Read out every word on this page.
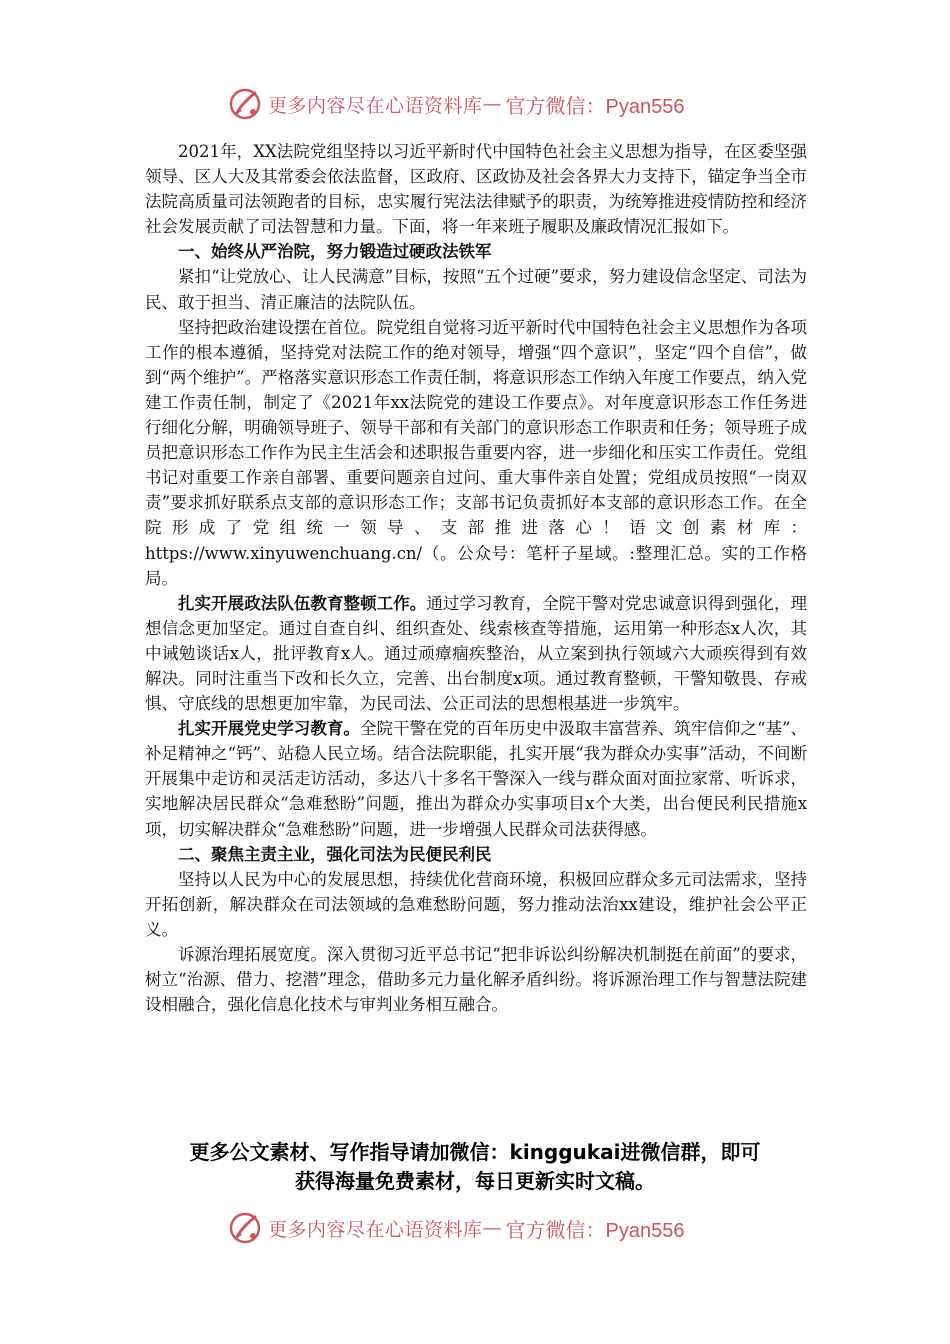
更多内容尽在心语资料库 — 官方微信：Pyan556

2021年，XX法院党组坚持以习近平新时代中国特色社会主义思想为指导，在区委坚强领导、区人大及其常委会依法监督，区政府、区政协及社会各界大力支持下，锚定争当全市法院高质量司法领跑者的目标，忠实履行宪法法律赋予的职责，为统筹推进疫情防控和经济社会发展贡献了司法智慧和力量。下面，将一年来班子履职及廉政情况汇报如下。

一、始终从严治院，努力锻造过硬政法铁军

紧扣“让党放心、让人民满意”目标，按照“五个过硬”要求，努力建设信念坚定、司法为民、敢于担当、清正廉洁的法院队伍。

坚持把政治建设摆在首位。院党组自觉将习近平新时代中国特色社会主义思想作为各项工作的根本遵循，坚持党对法院工作的绝对领导，增强“四个意识”，坚定“四个自信”，做到“两个维护”。严格落实意识形态工作责任制，将意识形态工作纳入年度工作要点，纳入党建工作责任制，制定了《2021年xx法院党的建设工作要点》。对年度意识形态工作任务进行细化分解，明确领导班子、领导干部和有关部门的意识形态工作职责和任务；领导班子成员把意识形态工作作为民主生活会和述职报告重要内容，进一步细化和压实工作责任。党组书记对重要工作亲自部署、重要问题亲自过问、重大事件亲自处置；党组成员按照“一岗双责”要求抓好联系点支部的意识形态工作；支部书记负责抓好本支部的意识形态工作。在全院形成了党组统一领导、支部推进落心！语文创素材库：https://www.xinyuwenchuang.cn/（。公众号：笔杆子星域。:整理汇总。实的工作格局。

扎实开展政法队伍教育整顿工作。通过学习教育，全院干警对党忠诚意识得到强化，理想信念更加坚定。通过自查自纠、组织查处、线索核查等措施，运用第一种形态x人次，其中诫勉谈话x人，批评教育x人。通过顽瘴痼疾整治，从立案到执行领域六大顽疾得到有效解决。同时注重当下改和长久立，完善、出台制度x项。通过教育整顿，干警知敬畏、存戒惧、守底线的思想更加牢靠，为民司法、公正司法的思想根基进一步筑牢。

扎实开展党史学习教育。全院干警在党的百年历史中汲取丰富营养、筑牢信仰之“基”、补足精神之“钙”、站稳人民立场。结合法院职能，扎实开展“我为群众办实事”活动，不间断开展集中走访和灵活走访活动，多达八十多名干警深入一线与群众面对面拉家常、听诉求，实地解决居民群众“急难愁盼”问题，推出为群众办实事项目x个大类，出台便民利民措施x项，切实解决群众“急难愁盼”问题，进一步增强人民群众司法获得感。

二、聚焦主责主业，强化司法为民便民利民

坚持以人民为中心的发展思想，持续优化营商环境，积极回应群众多元司法需求，坚持开拓创新，解决群众在司法领域的急难愁盼问题，努力推动法治xx建设，维护社会公平正义。

诉源治理拓展宽度。深入贯彻习近平总书记“把非诉讼纠纷解决机制挺在前面”的要求，树立“治源、借力、挖潜”理念，借助多元力量化解矛盾纠纷。将诉源治理工作与智慧法院建设相融合，强化信息化技术与审判业务相互融合。

更多公文素材、写作指导请加微信：kinggukai进微信群，即可
获得海量免费素材，每日更新实时文稿。
更多内容尽在心语资料库 — 官方微信：Pyan556
